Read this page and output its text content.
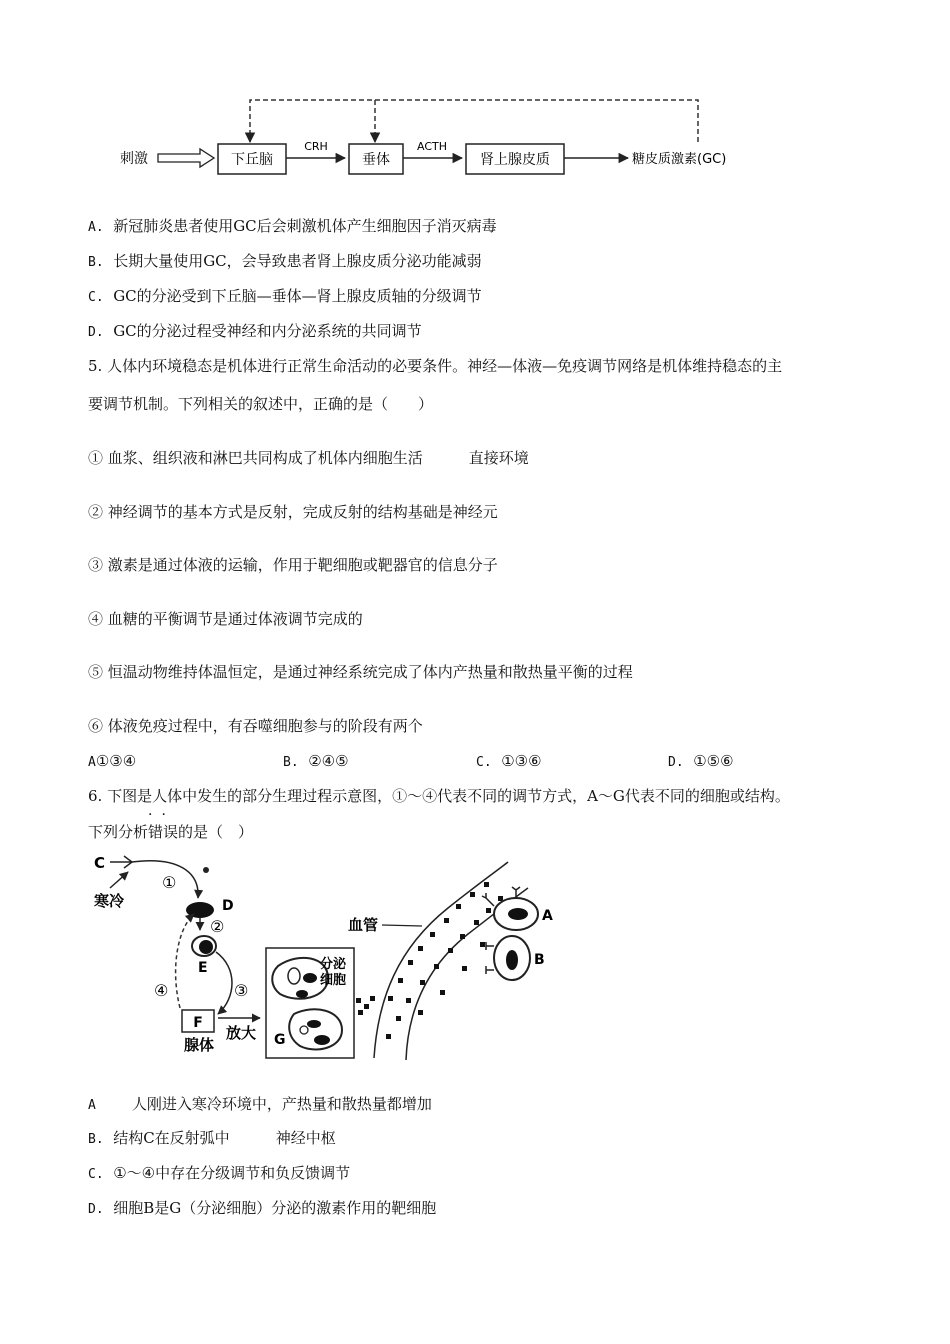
刺激	下丘脑
CRH
垂体
ACTH
肾上腺皮质	糖皮质激素(GC)
A. 新冠肺炎患者使用GC后会刺激机体产生细胞因子消灭病毒
B. 长期大量使用GC，会导致患者肾上腺皮质分泌功能减弱
C. GC的分泌受到下丘脑—垂体—肾上腺皮质轴的分级调节
D. GC的分泌过程受神经和内分泌系统的共同调节
5. 人体内环境稳态是机体进行正常生命活动的必要条件。神经—体液—免疫调节网络是机体维持稳态的主
要调节机制。下列相关的叙述中，正确的是（　　）
① 血浆、组织液和淋巴共同构成了机体内细胞生活	直接环境
② 神经调节的基本方式是反射，完成反射的结构基础是神经元
③ 激素是通过体液的运输，作用于靶细胞或靶器官的信息分子
④ 血糖的平衡调节是通过体液调节完成的
⑤ 恒温动物维持体温恒定，是通过神经系统完成了体内产热量和散热量平衡的过程
⑥ 体液免疫过程中，有吞噬细胞参与的阶段有两个
A
①③④	B. ②④⑤	C. ①③⑥	D. ①⑤⑥
6. 下图是人体中发生的部分生理过程示意图，①～④代表不同的调节方式，A～G代表不同的细胞或结构。
··
下列分析错误的是（　）
C
寒冷
①
D
②
E
④	③
F
腺体
放大
分泌
细胞
G
血管	A
B
A 人刚进入寒冷环境中，产热量和散热量都增加
B. 结构C在反射弧中	神经中枢
C. ①～④中存在分级调节和负反馈调节
D. 细胞B是G（分泌细胞）分泌的激素作用的靶细胞
